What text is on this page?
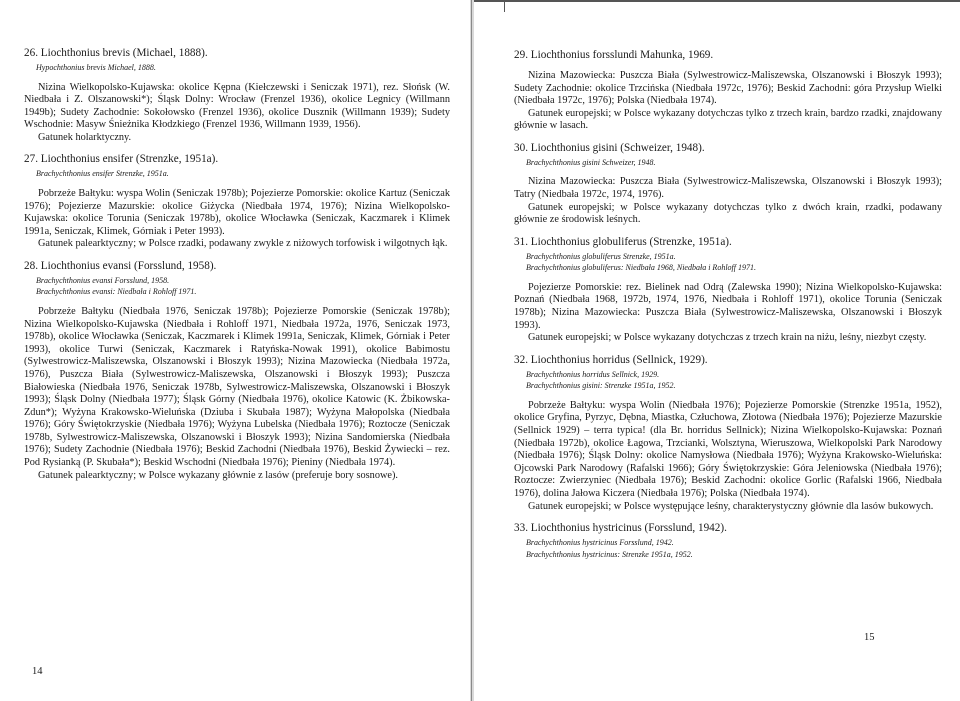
26. Liochthonius brevis (Michael, 1888).
Hypochthonius brevis Michael, 1888.

Nizina Wielkopolsko-Kujawska: okolice Kępna (Kiełczewski i Seniczak 1971), rez. Słońsk (W. Niedbała i Z. Olszanowski*); Śląsk Dolny: Wrocław (Frenzel 1936), okolice Legnicy (Willmann 1949b); Sudety Zachodnie: Sokołowsko (Frenzel 1936), okolice Dusznik (Willmann 1939); Sudety Wschodnie: Masyw Śnieżnika Kłodzkiego (Frenzel 1936, Willmann 1939, 1956).

Gatunek holarktyczny.

27. Liochthonius ensifer (Strenzke, 1951a).
Brachychthonius ensifer Strenzke, 1951a.

Pobrzeże Bałtyku: wyspa Wolin (Seniczak 1978b); Pojezierze Pomorskie: okolice Kartuz (Seniczak 1976); Pojezierze Mazurskie: okolice Giżycka (Niedbała 1974, 1976); Nizina Wielkopolsko-Kujawska: okolice Torunia (Seniczak 1978b), okolice Włocławka (Seniczak, Kaczmarek i Klimek 1991a, Seniczak, Klimek, Górniak i Peter 1993).

Gatunek palearktyczny; w Polsce rzadki, podawany zwykle z niżowych torfowisk i wilgotnych łąk.

28. Liochthonius evansi (Forsslund, 1958).
Brachychthonius evansi Forsslund, 1958.
Brachychthonius evansi: Niedbała i Rohloff 1971.

Pobrzeże Bałtyku (Niedbała 1976, Seniczak 1978b); Pojezierze Pomorskie (Seniczak 1978b); Nizina Wielkopolsko-Kujawska (Niedbała i Rohloff 1971, Niedbała 1972a, 1976, Seniczak 1973, 1978b), okolice Włocławka (Seniczak, Kaczmarek i Klimek 1991a, Seniczak, Klimek, Górniak i Peter 1993), okolice Turwi (Seniczak, Kaczmarek i Ratyńska-Nowak 1991), okolice Babimostu (Sylwestrowicz-Maliszewska, Olszanowski i Błoszyk 1993); Nizina Mazowiecka (Niedbała 1972a, 1976), Puszcza Biała (Sylwestrowicz-Maliszewska, Olszanowski i Błoszyk 1993); Puszcza Białowieska (Niedbała 1976, Seniczak 1978b, Sylwestrowicz-Maliszewska, Olszanowski i Błoszyk 1993); Śląsk Dolny (Niedbała 1977); Śląsk Górny (Niedbała 1976), okolice Katowic (K. Żbikowska-Zdun*); Wyżyna Krakowsko-Wieluńska (Dziuba i Skubała 1987); Wyżyna Małopolska (Niedbała 1976); Góry Świętokrzyskie (Niedbała 1976); Wyżyna Lubelska (Niedbała 1976); Roztocze (Seniczak 1978b, Sylwestrowicz-Maliszewska, Olszanowski i Błoszyk 1993); Nizina Sandomierska (Niedbała 1976); Sudety Zachodnie (Niedbała 1976); Beskid Zachodni (Niedbała 1976), Beskid Żywiecki – rez. Pod Rysianką (P. Skubała*); Beskid Wschodni (Niedbała 1976); Pieniny (Niedbała 1974).

Gatunek palearktyczny; w Polsce wykazany głównie z lasów (preferuje bory sosnowe).

14
29. Liochthonius forsslundi Mahunka, 1969.

Nizina Mazowiecka: Puszcza Biała (Sylwestrowicz-Maliszewska, Olszanowski i Błoszyk 1993); Sudety Zachodnie: okolice Trzcińska (Niedbała 1972c, 1976); Beskid Zachodni: góra Przysłup Wielki (Niedbała 1972c, 1976); Polska (Niedbała 1974).

Gatunek europejski; w Polsce wykazany dotychczas tylko z trzech krain, bardzo rzadki, znajdowany głównie w lasach.

30. Liochthonius gisini (Schweizer, 1948).
Brachychthonius gisini Schweizer, 1948.

Nizina Mazowiecka: Puszcza Biała (Sylwestrowicz-Maliszewska, Olszanowski i Błoszyk 1993); Tatry (Niedbała 1972c, 1974, 1976).

Gatunek europejski; w Polsce wykazany dotychczas tylko z dwóch krain, rzadki, podawany głównie ze środowisk leśnych.

31. Liochthonius globuliferus (Strenzke, 1951a).
Brachychthonius globuliferus Strenzke, 1951a.
Brachychthonius globuliferus: Niedbała 1968, Niedbała i Rohloff 1971.

Pojezierze Pomorskie: rez. Bielinek nad Odrą (Zalewska 1990); Nizina Wielkopolsko-Kujawska: Poznań (Niedbała 1968, 1972b, 1974, 1976, Niedbała i Rohloff 1971), okolice Torunia (Seniczak 1978b); Nizina Mazowiecka: Puszcza Biała (Sylwestrowicz-Maliszewska, Olszanowski i Błoszyk 1993).

Gatunek europejski; w Polsce wykazany dotychczas z trzech krain na niżu, leśny, niezbyt częsty.

32. Liochthonius horridus (Sellnick, 1929).
Brachychthonius horridus Sellnick, 1929.
Brachychthonius gisini: Strenzke 1951a, 1952.

Pobrzeże Bałtyku: wyspa Wolin (Niedbała 1976); Pojezierze Pomorskie (Strenzke 1951a, 1952), okolice Gryfina, Pyrzyc, Dębna, Miastka, Człuchowa, Złotowa (Niedbała 1976); Pojezierze Mazurskie (Sellnick 1929) – terra typica! (dla Br. horridus Sellnick); Nizina Wielkopolsko-Kujawska: Poznań (Niedbała 1972b), okolice Łagowa, Trzcianki, Wolsztyna, Wieruszowa, Wielkopolski Park Narodowy (Niedbała 1976); Śląsk Dolny: okolice Namysłowa (Niedbała 1976); Wyżyna Krakowsko-Wieluńska: Ojcowski Park Narodowy (Rafalski 1966); Góry Świętokrzyskie: Góra Jeleniowska (Niedbała 1976); Roztocze: Zwierzyniec (Niedbała 1976); Beskid Zachodni: okolice Gorlic (Rafalski 1966, Niedbała 1976), dolina Jałowa Kiczera (Niedbała 1976); Polska (Niedbała 1974).

Gatunek europejski; w Polsce występujące leśny, charakterystyczny głównie dla lasów bukowych.

33. Liochthonius hystricinus (Forsslund, 1942).
Brachychthonius hystricinus Forsslund, 1942.
Brachychthonius hystricinus: Strenzke 1951a, 1952.
15
